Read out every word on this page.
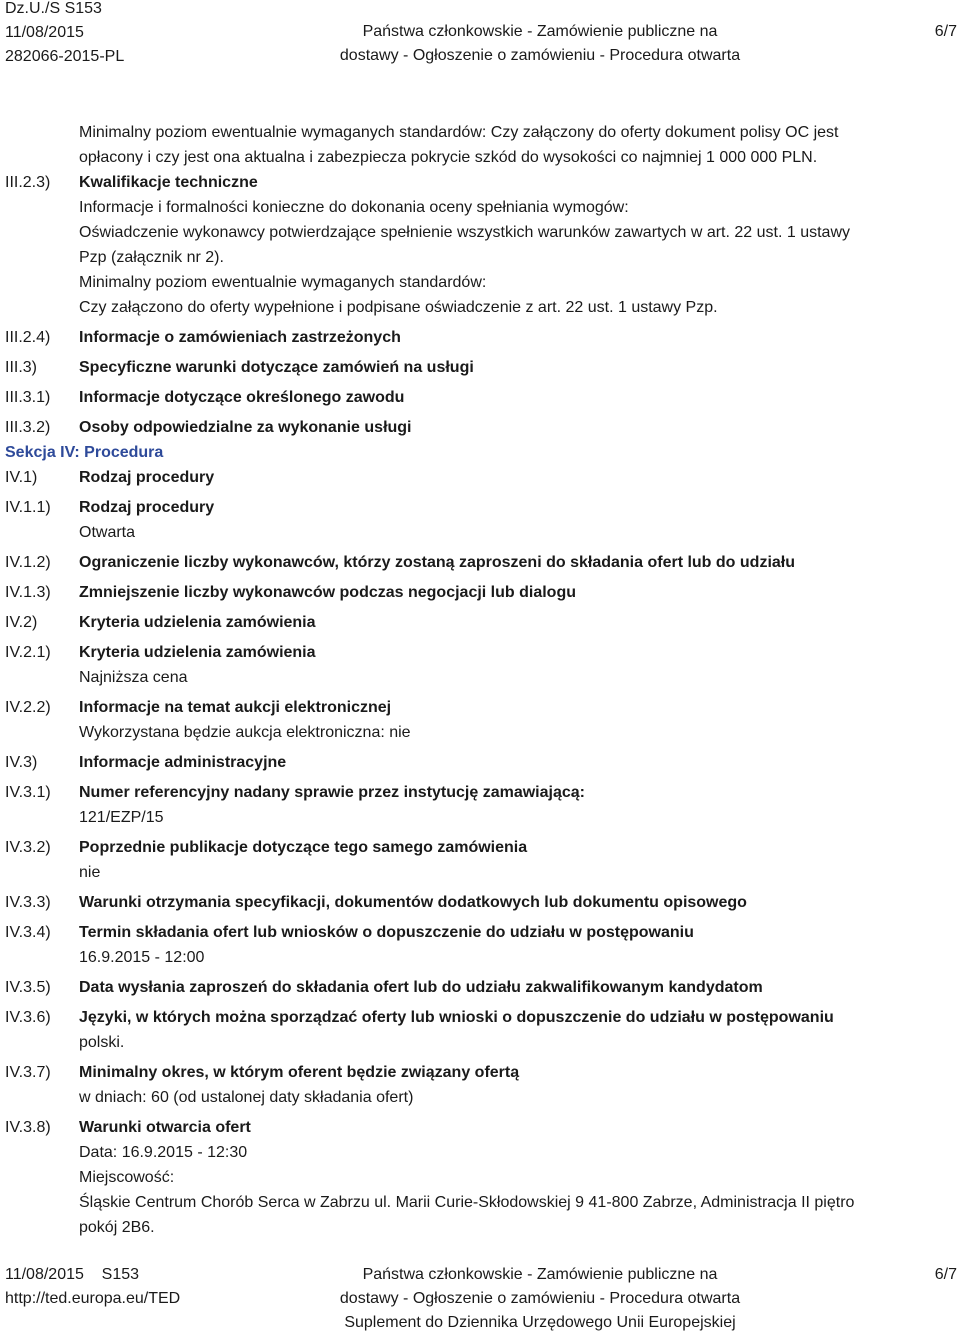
Dz.U./S S153
11/08/2015
282066-2015-PL
Państwa członkowskie - Zamówienie publiczne na
dostawy - Ogłoszenie o zamówieniu - Procedura otwarta
6/7
Minimalny poziom ewentualnie wymaganych standardów: Czy załączony do oferty dokument polisy OC jest
opłacony i czy jest ona aktualna i zabezpiecza pokrycie szkód do wysokości co najmniej 1 000 000 PLN.
III.2.3)	Kwalifikacje techniczne
Informacje i formalności konieczne do dokonania oceny spełniania wymogów:
Oświadczenie wykonawcy potwierdzające spełnienie wszystkich warunków zawartych w art. 22 ust. 1 ustawy
Pzp (załącznik nr 2).
Minimalny poziom ewentualnie wymaganych standardów:
Czy załączono do oferty wypełnione i podpisane oświadczenie z art. 22 ust. 1 ustawy Pzp.
III.2.4)	Informacje o zamówieniach zastrzeżonych
III.3)	Specyficzne warunki dotyczące zamówień na usługi
III.3.1)	Informacje dotyczące określonego zawodu
III.3.2)	Osoby odpowiedzialne za wykonanie usługi
Sekcja IV: Procedura
IV.1)	Rodzaj procedury
IV.1.1)	Rodzaj procedury
Otwarta
IV.1.2)	Ograniczenie liczby wykonawców, którzy zostaną zaproszeni do składania ofert lub do udziału
IV.1.3)	Zmniejszenie liczby wykonawców podczas negocjacji lub dialogu
IV.2)	Kryteria udzielenia zamówienia
IV.2.1)	Kryteria udzielenia zamówienia
Najniższa cena
IV.2.2)	Informacje na temat aukcji elektronicznej
Wykorzystana będzie aukcja elektroniczna: nie
IV.3)	Informacje administracyjne
IV.3.1)	Numer referencyjny nadany sprawie przez instytucję zamawiającą:
121/EZP/15
IV.3.2)	Poprzednie publikacje dotyczące tego samego zamówienia
nie
IV.3.3)	Warunki otrzymania specyfikacji, dokumentów dodatkowych lub dokumentu opisowego
IV.3.4)	Termin składania ofert lub wniosków o dopuszczenie do udziału w postępowaniu
16.9.2015 - 12:00
IV.3.5)	Data wysłania zaproszeń do składania ofert lub do udziału zakwalifikowanym kandydatom
IV.3.6)	Języki, w których można sporządzać oferty lub wnioski o dopuszczenie do udziału w postępowaniu
polski.
IV.3.7)	Minimalny okres, w którym oferent będzie związany ofertą
w dniach: 60 (od ustalonej daty składania ofert)
IV.3.8)	Warunki otwarcia ofert
Data: 16.9.2015 - 12:30
Miejscowość:
Śląskie Centrum Chorób Serca w Zabrzu ul. Marii Curie-Skłodowskiej 9 41-800 Zabrze, Administracja II piętro
pokój 2B6.
11/08/2015 S153
http://ted.europa.eu/TED
Państwa członkowskie - Zamówienie publiczne na
dostawy - Ogłoszenie o zamówieniu - Procedura otwarta
Suplement do Dziennika Urzędowego Unii Europejskiej
6/7
